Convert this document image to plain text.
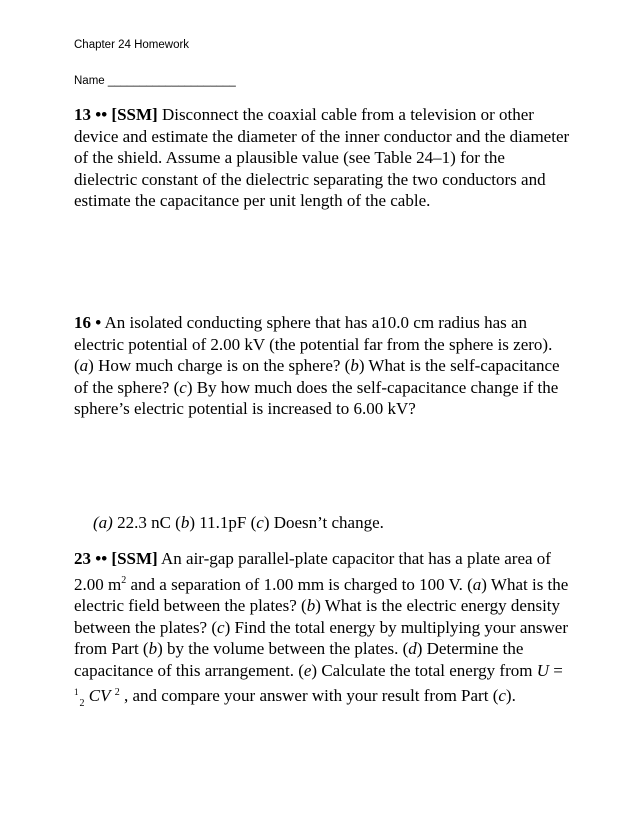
Chapter 24 Homework
Name ____________________
13 •• [SSM] Disconnect the coaxial cable from a television or other
device and estimate the diameter of the inner conductor and the diameter
of the shield. Assume a plausible value (see Table 24–1) for the
dielectric constant of the dielectric separating the two conductors and
estimate the capacitance per unit length of the cable.
16 • An isolated conducting sphere that has a10.0 cm radius has an
electric potential of 2.00 kV (the potential far from the sphere is zero).
(a) How much charge is on the sphere? (b) What is the self-capacitance
of the sphere? (c) By how much does the self-capacitance change if the
sphere’s electric potential is increased to 6.00 kV?
(a) 22.3 nC (b) 11.1pF (c) Doesn’t change.
23 •• [SSM] An air-gap parallel-plate capacitor that has a plate area of
2.00 $m^2$ and a separation of 1.00 mm is charged to 100 V. (a) What is the
electric field between the plates? (b) What is the electric energy density
between the plates? (c) Find the total energy by multiplying your answer
from Part (b) by the volume between the plates. (d) Determine the
capacitance of this arrangement. (e) Calculate the total energy from U =
$^1_2$ CV $^2$ , and compare your answer with your result from Part (c).
